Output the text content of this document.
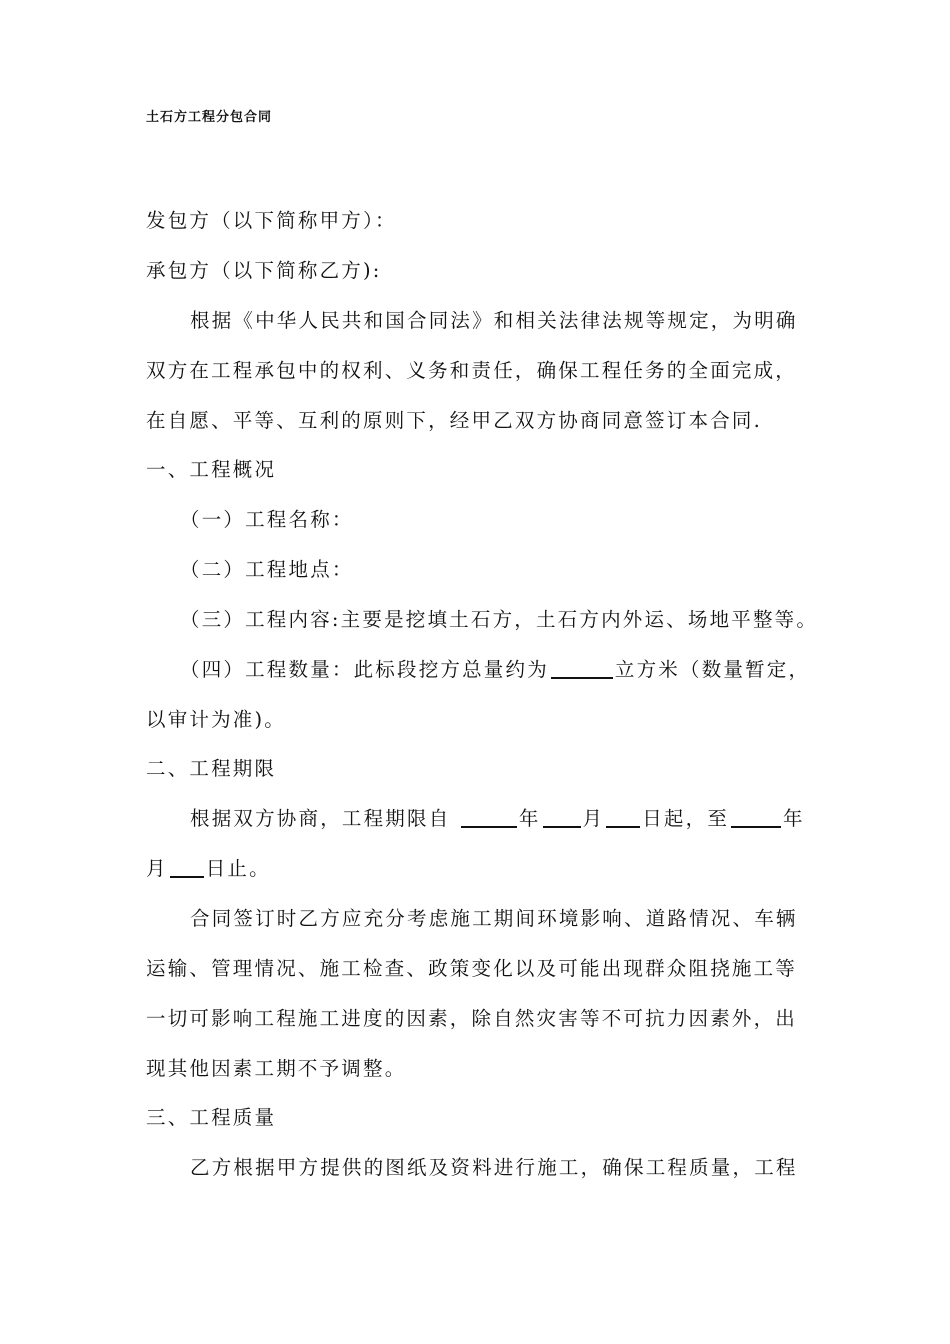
土石方工程分包合同
发包方（以下简称甲方）：
承包方（以下简称乙方):
根据《中华人民共和国合同法》和相关法律法规等规定，为明确
双方在工程承包中的权利、义务和责任，确保工程任务的全面完成，
在自愿、平等、互利的原则下，经甲乙双方协商同意签订本合同.
一、工程概况
（一）工程名称：
（二）工程地点：
（三）工程内容:主要是挖填土石方，土石方内外运、场地平整等。
（四）工程数量：此标段挖方总量约为	立方米（数量暂定，
以审计为准)。
二、工程期限
根据双方协商，工程期限自	年 月 日起，至	年
月 日止。
合同签订时乙方应充分考虑施工期间环境影响、道路情况、车辆
运输、管理情况、施工检查、政策变化以及可能出现群众阻挠施工等
一切可影响工程施工进度的因素，除自然灾害等不可抗力因素外，出
现其他因素工期不予调整。
三、工程质量
乙方根据甲方提供的图纸及资料进行施工，确保工程质量，工程
